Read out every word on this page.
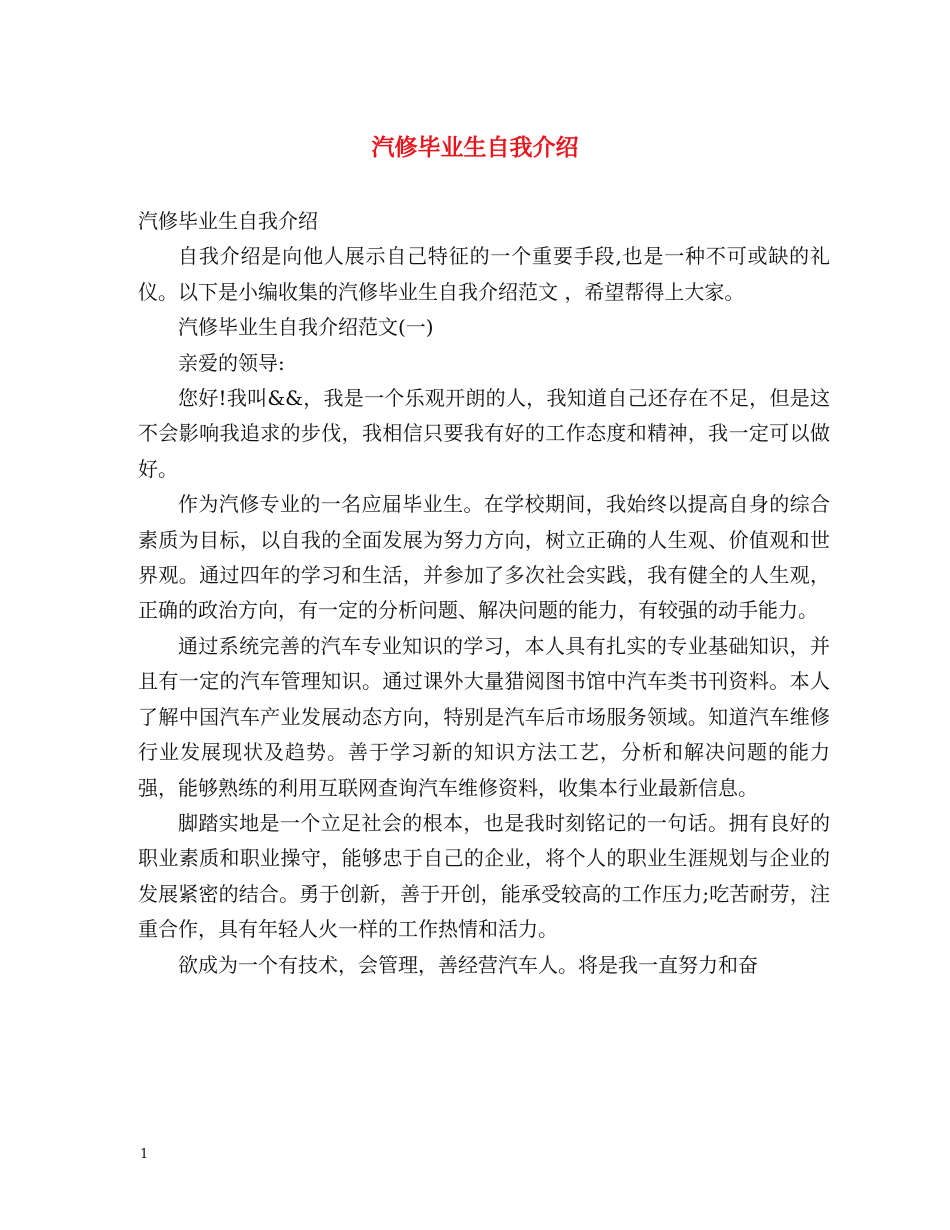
汽修毕业生自我介绍

汽修毕业生自我介绍

自我介绍是向他人展示自己特征的一个重要手段,也是一种不可或缺的礼仪。以下是小编收集的汽修毕业生自我介绍范文 ，希望帮得上大家。

汽修毕业生自我介绍范文(一)

亲爱的领导:

您好!我叫&&，我是一个乐观开朗的人，我知道自己还存在不足，但是这不会影响我追求的步伐，我相信只要我有好的工作态度和精神，我一定可以做好。

作为汽修专业的一名应届毕业生。在学校期间，我始终以提高自身的综合素质为目标，以自我的全面发展为努力方向，树立正确的人生观、价值观和世界观。通过四年的学习和生活，并参加了多次社会实践，我有健全的人生观，正确的政治方向，有一定的分析问题、解决问题的能力，有较强的动手能力。

通过系统完善的汽车专业知识的学习，本人具有扎实的专业基础知识，并且有一定的汽车管理知识。通过课外大量猎阅图书馆中汽车类书刊资料。本人了解中国汽车产业发展动态方向，特别是汽车后市场服务领域。知道汽车维修行业发展现状及趋势。善于学习新的知识方法工艺，分析和解决问题的能力强，能够熟练的利用互联网查询汽车维修资料，收集本行业最新信息。

脚踏实地是一个立足社会的根本，也是我时刻铭记的一句话。拥有良好的职业素质和职业操守，能够忠于自己的企业，将个人的职业生涯规划与企业的发展紧密的结合。勇于创新，善于开创，能承受较高的工作压力;吃苦耐劳，注重合作，具有年轻人火一样的工作热情和活力。

欲成为一个有技术，会管理，善经营汽车人。将是我一直努力和奋

1
